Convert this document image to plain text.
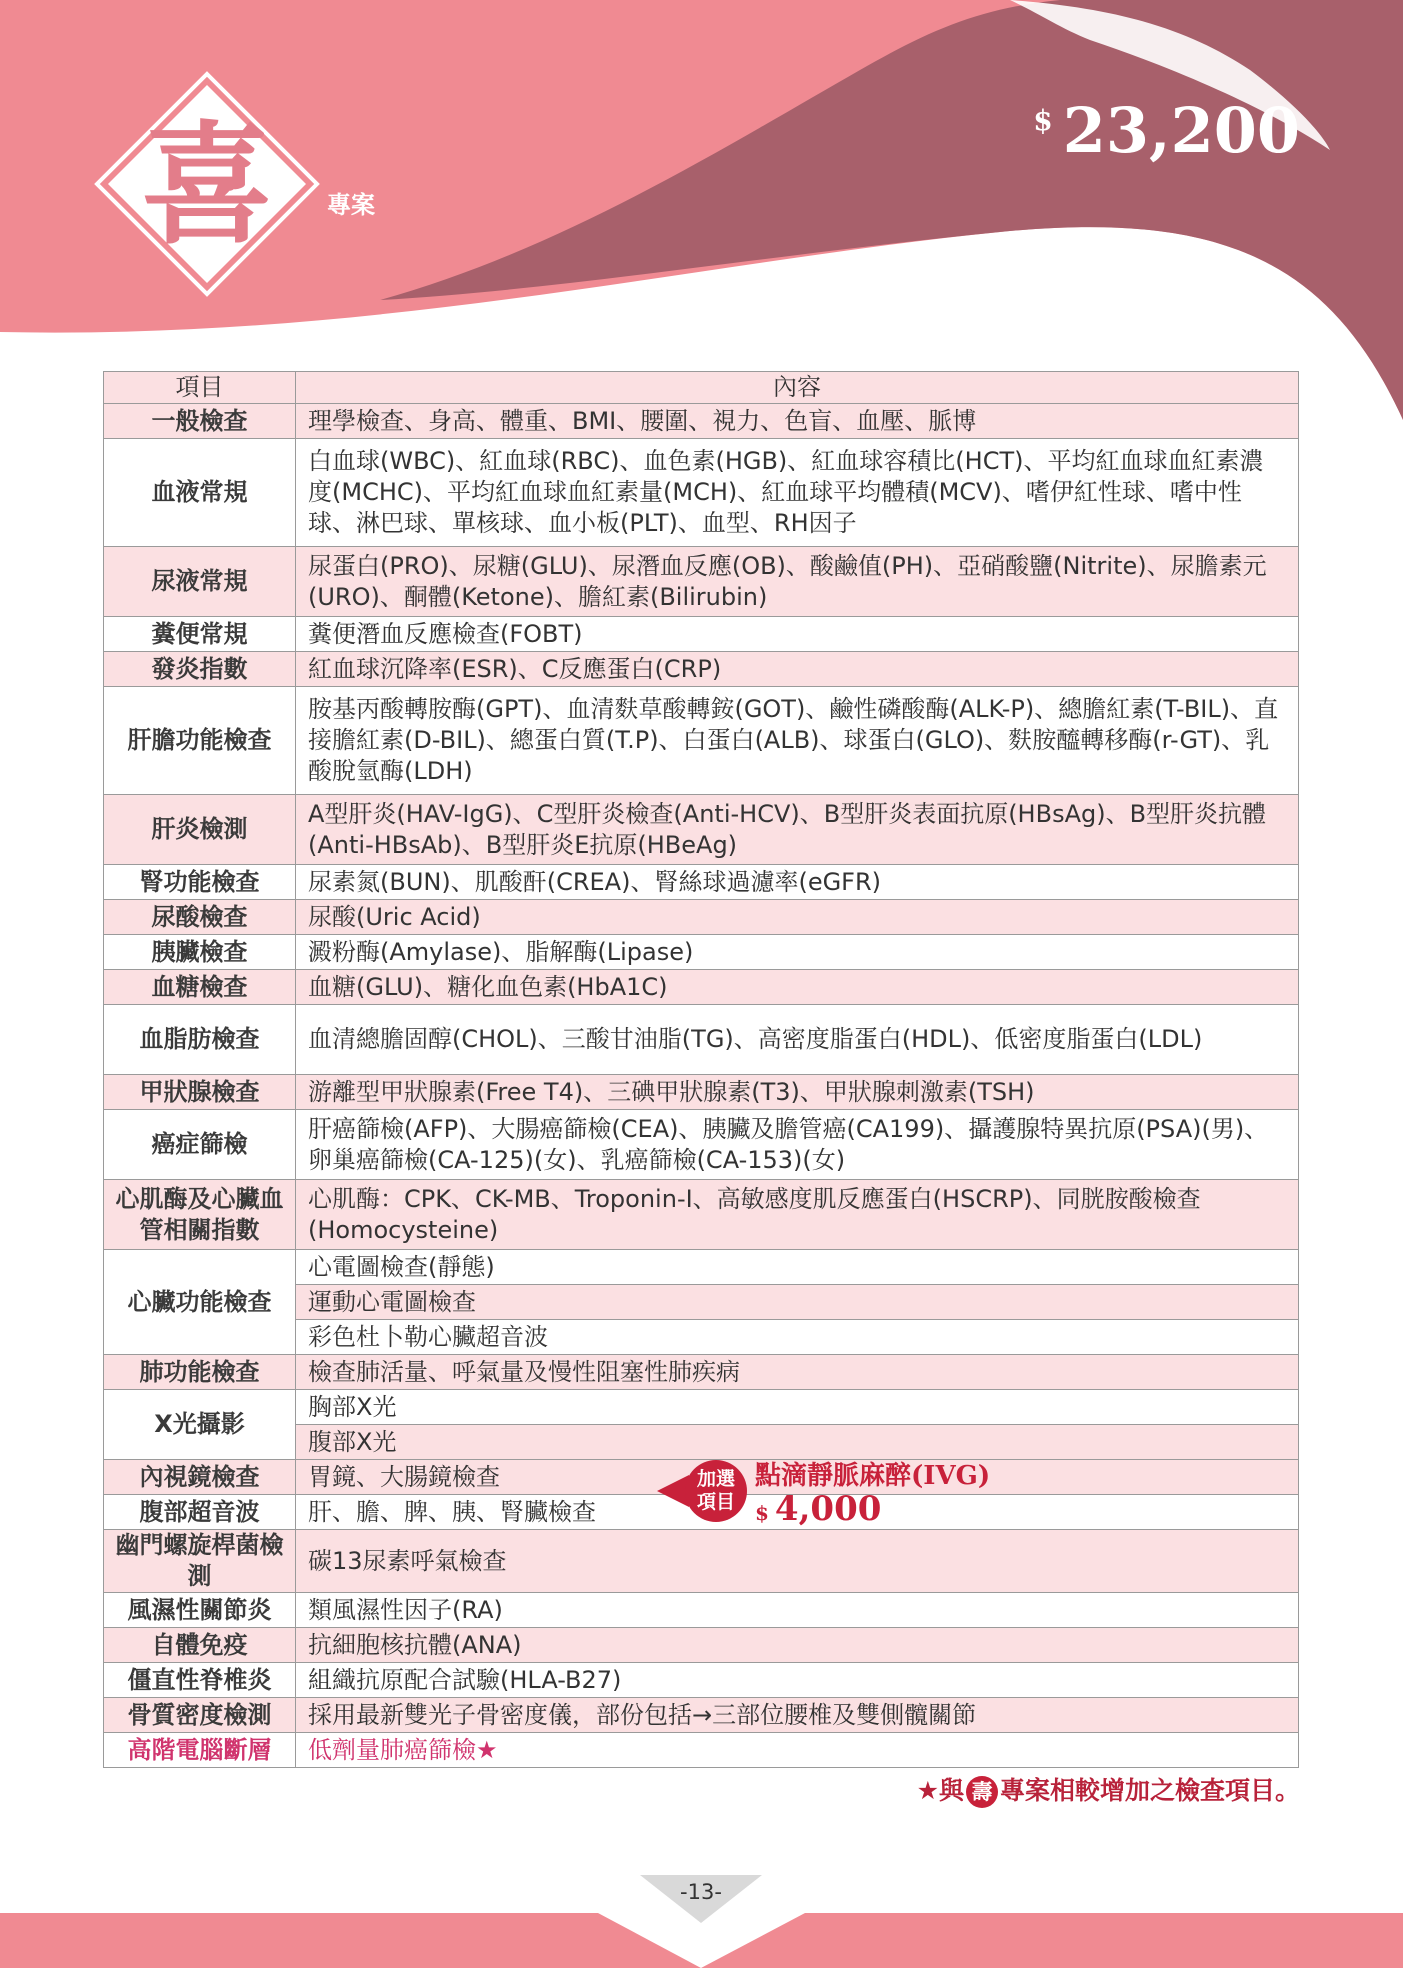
喜 專案
$ 23,200
項目	內容
一般檢查	理學檢查、身高、體重、BMI、腰圍、視力、色盲、血壓、脈博
血液常規	白血球(WBC)、紅血球(RBC)、血色素(HGB)、紅血球容積比(HCT)、平均紅血球血紅素濃度(MCHC)、平均紅血球血紅素量(MCH)、紅血球平均體積(MCV)、嗜伊紅性球、嗜中性球、淋巴球、單核球、血小板(PLT)、血型、RH因子
尿液常規	尿蛋白(PRO)、尿糖(GLU)、尿潛血反應(OB)、酸鹼值(PH)、亞硝酸鹽(Nitrite)、尿膽素元(URO)、酮體(Ketone)、膽紅素(Bilirubin)
糞便常規	糞便潛血反應檢查(FOBT)
發炎指數	紅血球沉降率(ESR)、C反應蛋白(CRP)
肝膽功能檢查	胺基丙酸轉胺酶(GPT)、血清麩草酸轉銨(GOT)、鹼性磷酸酶(ALK-P)、總膽紅素(T-BIL)、直接膽紅素(D-BIL)、總蛋白質(T.P)、白蛋白(ALB)、球蛋白(GLO)、麩胺醯轉移酶(r-GT)、乳酸脫氫酶(LDH)
肝炎檢測	A型肝炎(HAV-IgG)、C型肝炎檢查(Anti-HCV)、B型肝炎表面抗原(HBsAg)、B型肝炎抗體(Anti-HBsAb)、B型肝炎E抗原(HBeAg)
腎功能檢查	尿素氮(BUN)、肌酸酐(CREA)、腎絲球過濾率(eGFR)
尿酸檢查	尿酸(Uric Acid)
胰臟檢查	澱粉酶(Amylase)、脂解酶(Lipase)
血糖檢查	血糖(GLU)、糖化血色素(HbA1C)
血脂肪檢查	血清總膽固醇(CHOL)、三酸甘油脂(TG)、高密度脂蛋白(HDL)、低密度脂蛋白(LDL)
甲狀腺檢查	游離型甲狀腺素(Free T4)、三碘甲狀腺素(T3)、甲狀腺刺激素(TSH)
癌症篩檢	肝癌篩檢(AFP)、大腸癌篩檢(CEA)、胰臟及膽管癌(CA199)、攝護腺特異抗原(PSA)(男)、卵巢癌篩檢(CA-125)(女)、乳癌篩檢(CA-153)(女)
心肌酶及心臟血管相關指數	心肌酶：CPK、CK-MB、Troponin-I、高敏感度肌反應蛋白(HSCRP)、同胱胺酸檢查(Homocysteine)
心臟功能檢查	心電圖檢查(靜態)
	運動心電圖檢查
	彩色杜卜勒心臟超音波
肺功能檢查	檢查肺活量、呼氣量及慢性阻塞性肺疾病
X光攝影	胸部X光
	腹部X光
內視鏡檢查	胃鏡、大腸鏡檢查
腹部超音波	肝、膽、脾、胰、腎臟檢查
幽門螺旋桿菌檢測	碳13尿素呼氣檢查
風濕性關節炎	類風濕性因子(RA)
自體免疫	抗細胞核抗體(ANA)
僵直性脊椎炎	組織抗原配合試驗(HLA-B27)
骨質密度檢測	採用最新雙光子骨密度儀，部份包括→三部位腰椎及雙側髖關節
高階電腦斷層	低劑量肺癌篩檢★
加選
項目
點滴靜脈麻醉(IVG)
$ 4,000
★與 壽 專案相較增加之檢查項目。
-13-
